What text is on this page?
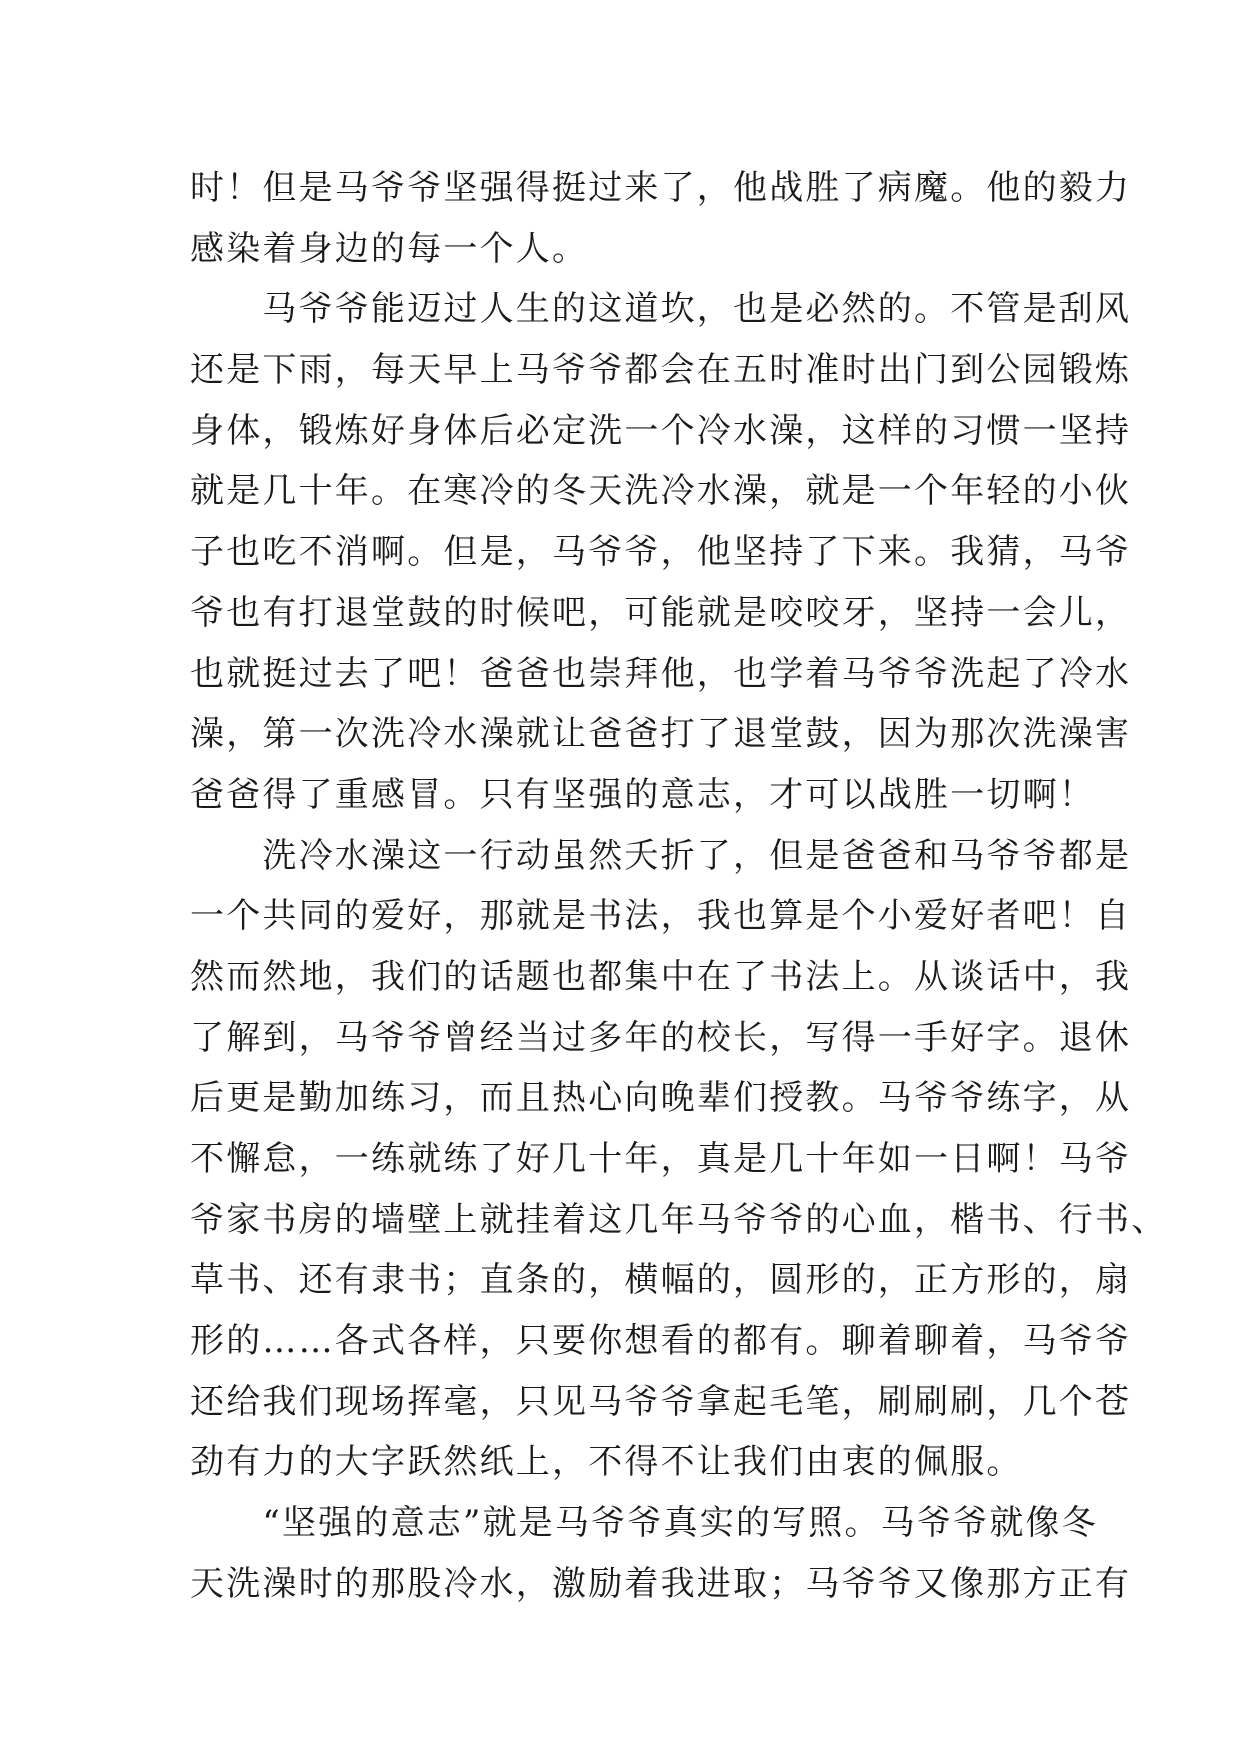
时！但是马爷爷坚强得挺过来了，他战胜了病魔。他的毅力
感染着身边的每一个人。

　　马爷爷能迈过人生的这道坎，也是必然的。不管是刮风
还是下雨，每天早上马爷爷都会在五时准时出门到公园锻炼
身体，锻炼好身体后必定洗一个冷水澡，这样的习惯一坚持
就是几十年。在寒冷的冬天洗冷水澡，就是一个年轻的小伙
子也吃不消啊。但是，马爷爷，他坚持了下来。我猜，马爷
爷也有打退堂鼓的时候吧，可能就是咬咬牙，坚持一会儿，
也就挺过去了吧！爸爸也崇拜他，也学着马爷爷洗起了冷水
澡，第一次洗冷水澡就让爸爸打了退堂鼓，因为那次洗澡害
爸爸得了重感冒。只有坚强的意志，才可以战胜一切啊！

　　洗冷水澡这一行动虽然夭折了，但是爸爸和马爷爷都是
一个共同的爱好，那就是书法，我也算是个小爱好者吧！自
然而然地，我们的话题也都集中在了书法上。从谈话中，我
了解到，马爷爷曾经当过多年的校长，写得一手好字。退休
后更是勤加练习，而且热心向晚辈们授教。马爷爷练字，从
不懈怠，一练就练了好几十年，真是几十年如一日啊！马爷
爷家书房的墙壁上就挂着这几年马爷爷的心血，楷书、行书、
草书、还有隶书；直条的，横幅的，圆形的，正方形的，扇
形的……各式各样，只要你想看的都有。聊着聊着，马爷爷
还给我们现场挥毫，只见马爷爷拿起毛笔，刷刷刷，几个苍
劲有力的大字跃然纸上，不得不让我们由衷的佩服。

　　“坚强的意志”就是马爷爷真实的写照。马爷爷就像冬
天洗澡时的那股冷水，激励着我进取；马爷爷又像那方正有
